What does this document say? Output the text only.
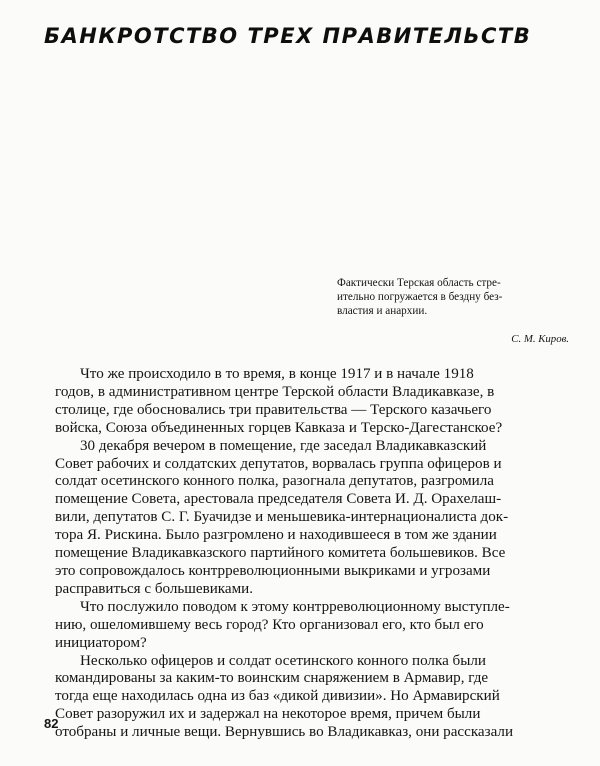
БАНКРОТСТВО ТРЕХ ПРАВИТЕЛЬСТВ

Фактически Терская область стре-

ительно погружается в бездну без-

властия и анархии.

С. М. Киров.
Что же происходило в то время, в конце 1917 и в начале 1918
годов, в административном центре Терской области Владикавказе, в
столице, где обосновались три правительства — Терского казачьего
войска, Союза объединенных горцев Кавказа и Терско-Дагестанское?
30 декабря вечером в помещение, где заседал Владикавказский
Совет рабочих и солдатских депутатов, ворвалась группа офицеров и
солдат осетинского конного полка, разогнала депутатов, разгромила
помещение Совета, арестовала председателя Совета И. Д. Орахелаш-
вили, депутатов С. Г. Буачидзе и меньшевика-интернационалиста док-
тора Я. Рискина. Было разгромлено и находившееся в том же здании
помещение Владикавказского партийного комитета большевиков. Все
это сопровождалось контрреволюционными выкриками и угрозами
расправиться с большевиками.
Что послужило поводом к этому контрреволюционному выступле-
нию, ошеломившему весь город? Кто организовал его, кто был его
инициатором?
Несколько офицеров и солдат осетинского конного полка были
командированы за каким-то воинским снаряжением в Армавир, где
тогда еще находилась одна из баз «дикой дивизии». Но Армавирский
Совет разоружил их и задержал на некоторое время, причем были
отобраны и личные вещи. Вернувшись во Владикавказ, они рассказали
82
